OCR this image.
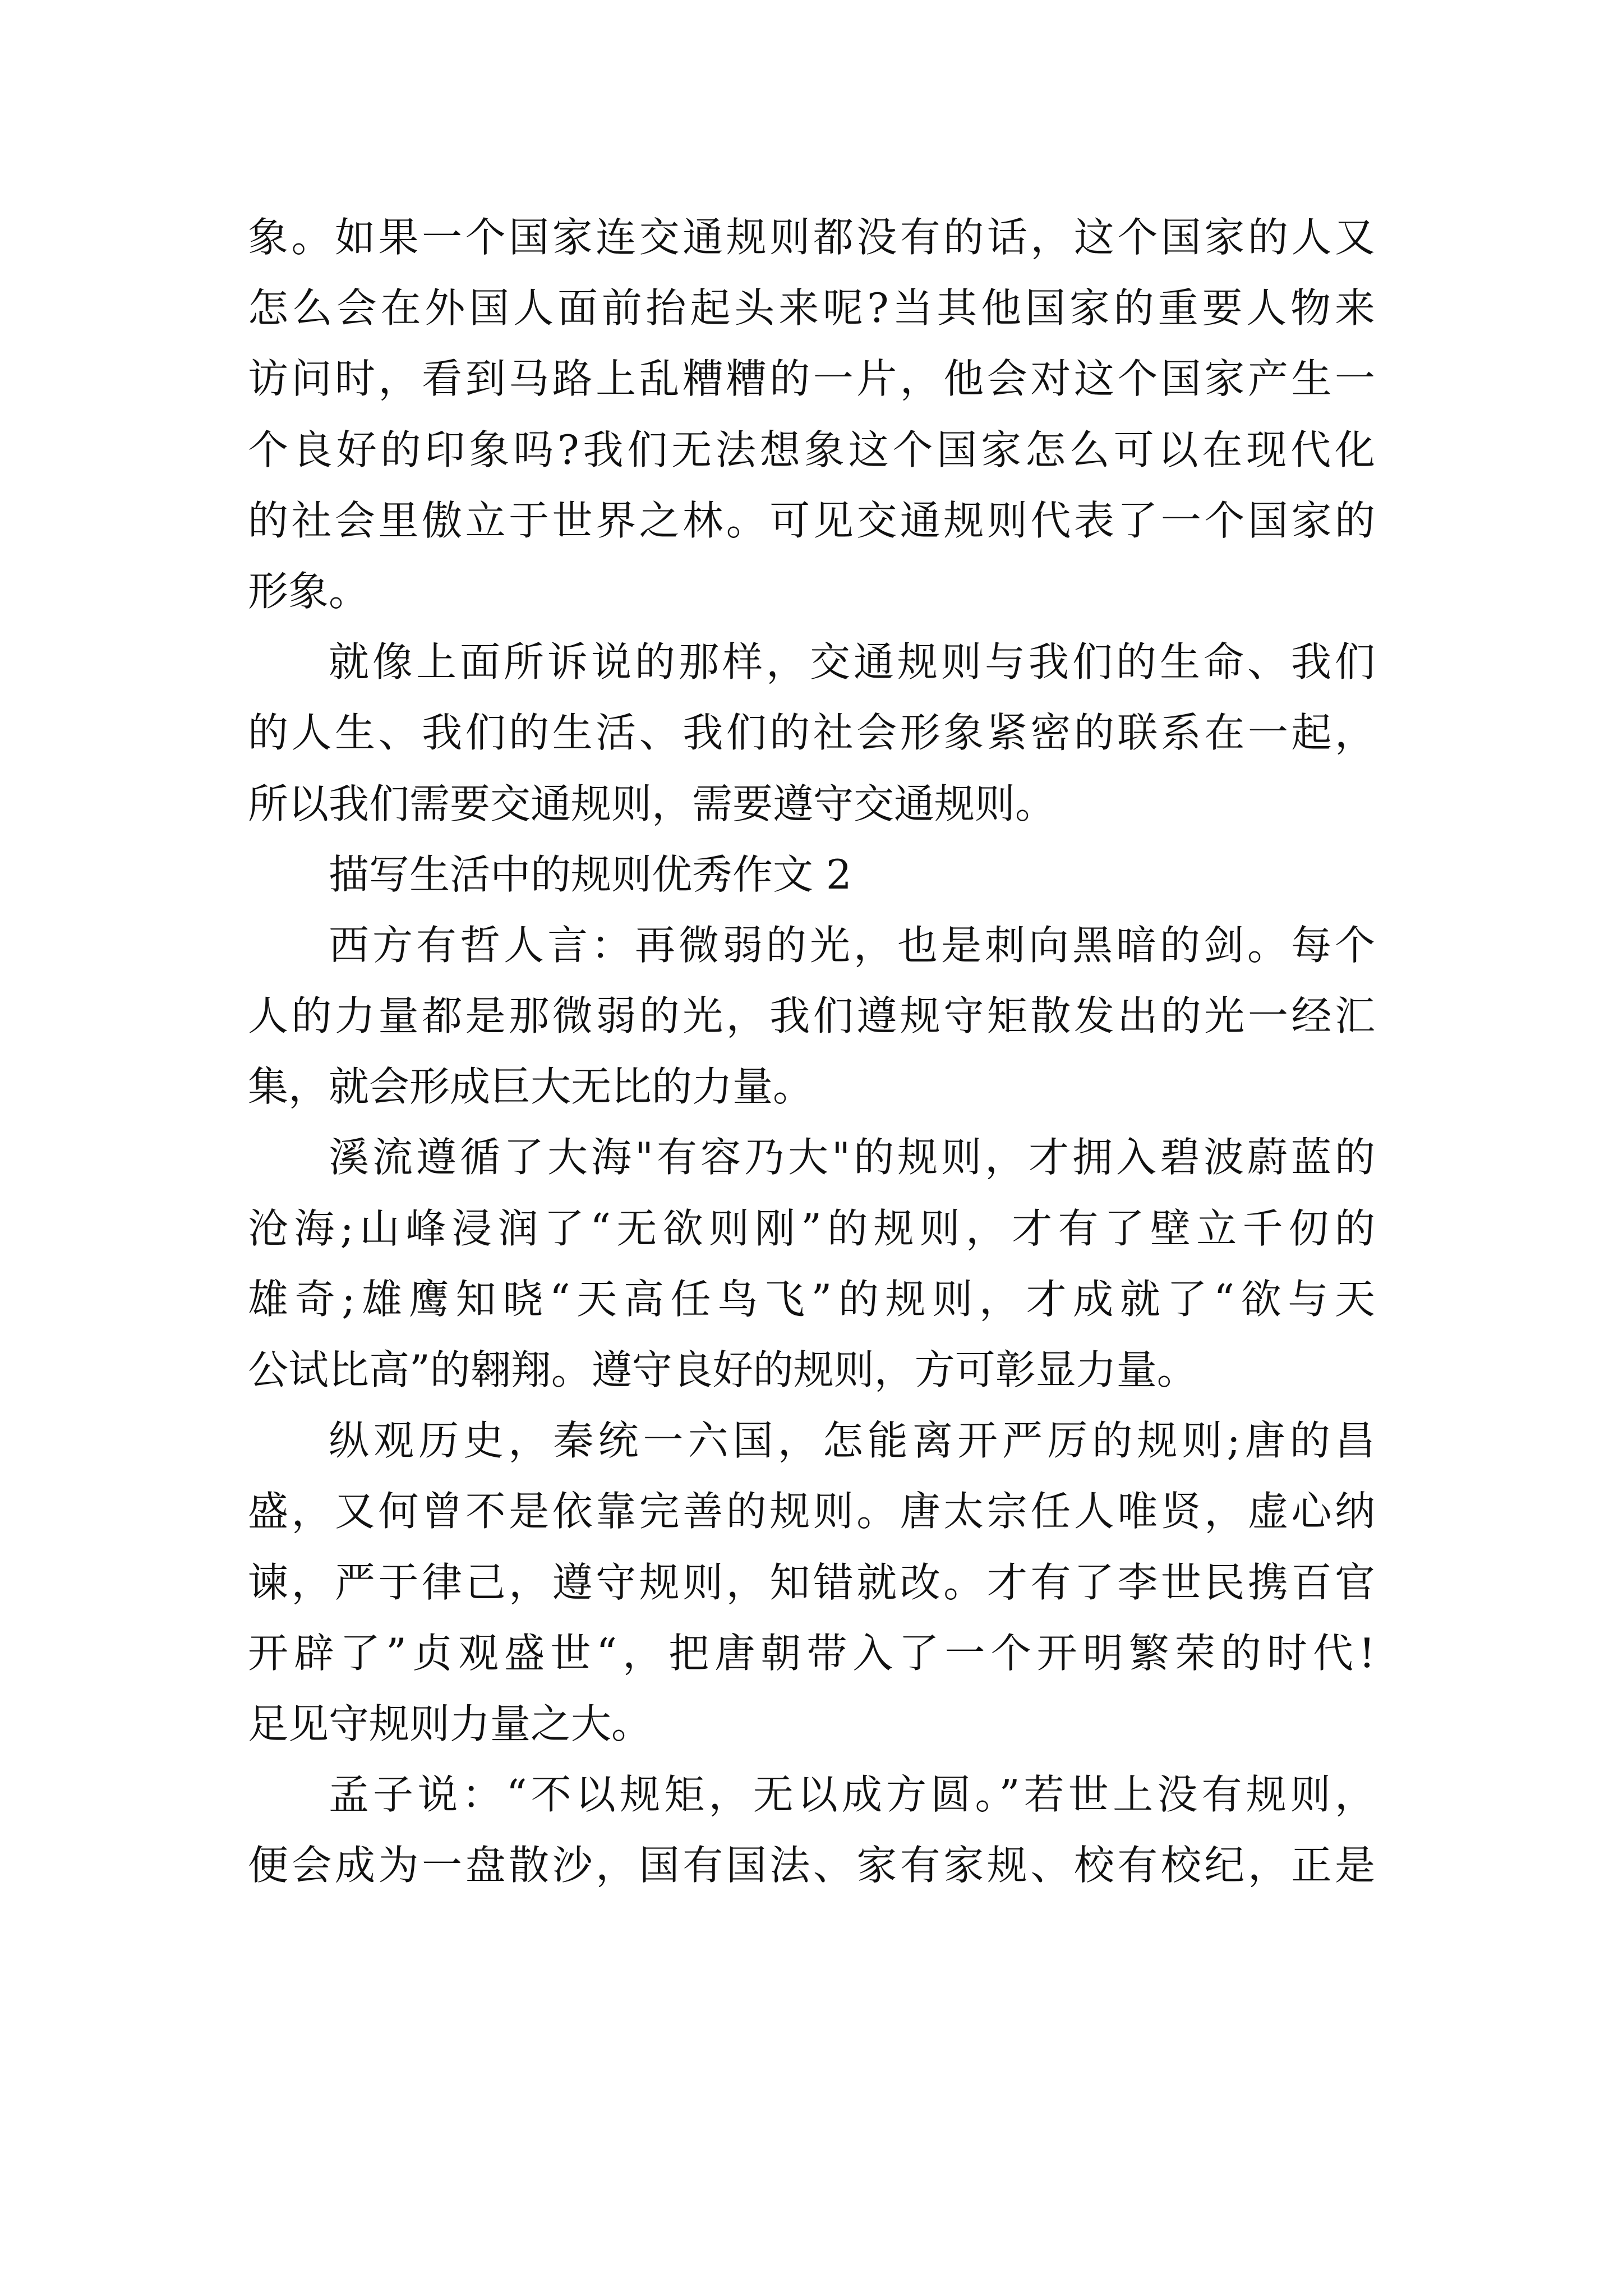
象。如果一个国家连交通规则都没有的话，这个国家的人又
怎么会在外国人面前抬起头来呢?当其他国家的重要人物来
访问时，看到马路上乱糟糟的一片，他会对这个国家产生一
个良好的印象吗?我们无法想象这个国家怎么可以在现代化
的社会里傲立于世界之林。可见交通规则代表了一个国家的
形象。
就像上面所诉说的那样，交通规则与我们的生命、我们
的人生、我们的生活、我们的社会形象紧密的联系在一起，
所以我们需要交通规则，需要遵守交通规则。
描写生活中的规则优秀作文 2
西方有哲人言：再微弱的光，也是刺向黑暗的剑。每个
人的力量都是那微弱的光，我们遵规守矩散发出的光一经汇
集，就会形成巨大无比的力量。
溪流遵循了大海"有容乃大"的规则，才拥入碧波蔚蓝的
沧海;山峰浸润了“无欲则刚”的规则，才有了壁立千仞的
雄奇;雄鹰知晓“天高任鸟飞”的规则，才成就了“欲与天
公试比高”的翱翔。遵守良好的规则，方可彰显力量。
纵观历史，秦统一六国，怎能离开严厉的规则;唐的昌
盛，又何曾不是依靠完善的规则。唐太宗任人唯贤，虚心纳
谏，严于律己，遵守规则，知错就改。才有了李世民携百官
开辟了”贞观盛世“，把唐朝带入了一个开明繁荣的时代!
足见守规则力量之大。
孟子说：“不以规矩，无以成方圆。”若世上没有规则，
便会成为一盘散沙，国有国法、家有家规、校有校纪，正是
